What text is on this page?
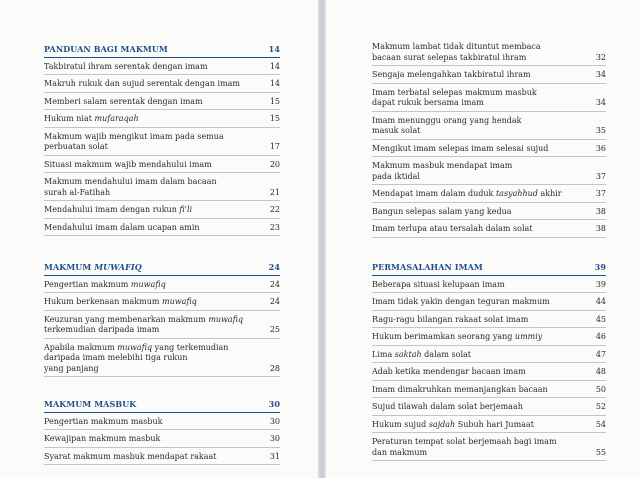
PANDUAN BAGI MAKMUM	14
Takbiratul ihram serentak dengan imam	14
Makruh rukuk dan sujud serentak dengan imam	14
Memberi salam serentak dengan imam	15
Hukum niat mufaraqah	15
Makmum wajib mengikut imam pada semua
perbuatan solat	17
Situasi makmum wajib mendahului imam	20
Makmum mendahului imam dalam bacaan
surah al-Fatihah	21
Mendahului imam dengan rukun fi'li	22
Mendahului imam dalam ucapan amin	23
MAKMUM MUWAFIQ	24
Pengertian makmum muwafiq	24
Hukum berkenaan makmum muwafiq	24
Keuzuran yang membenarkan makmum muwafiq
terkemudian daripada imam	25
Apabila makmum muwafiq yang terkemudian
daripada imam melebihi tiga rukun
yang panjang	28
MAKMUM MASBUK	30
Pengertian makmum masbuk	30
Kewajipan makmum masbuk	30
Syarat makmum masbuk mendapat rakaat	31
Makmum lambat tidak dituntut membaca
bacaan surat selepas takbiratul ihram	32
Sengaja melengahkan takbiratul ihram	34
Imam terbatal selepas makmum masbuk
dapat rukuk bersama imam	34
Imam menunggu orang yang hendak
masuk solat	35
Mengikut imam selepas imam selesai sujud	36
Makmum masbuk mendapat imam
pada iktidal	37
Mendapat imam dalam duduk tasyahhud akhir	37
Bangun selepas salam yang kedua	38
Imam terlupa atau tersalah dalam solat	38
PERMASALAHAN IMAM	39
Beberapa situasi kelupaan imam	39
Imam tidak yakin dengan teguran makmum	44
Ragu-ragu bilangan rakaat solat imam	45
Hukum berimamkan seorang yang ummiy	46
Lima saktah dalam solat	47
Adab ketika mendengar bacaan imam	48
Imam dimakruhkan memanjangkan bacaan	50
Sujud tilawah dalam solat berjemaah	52
Hukum sujud sajdah Subuh hari Jumaat	54
Peraturan tempat solat berjemaah bagi imam
dan makmum	55
